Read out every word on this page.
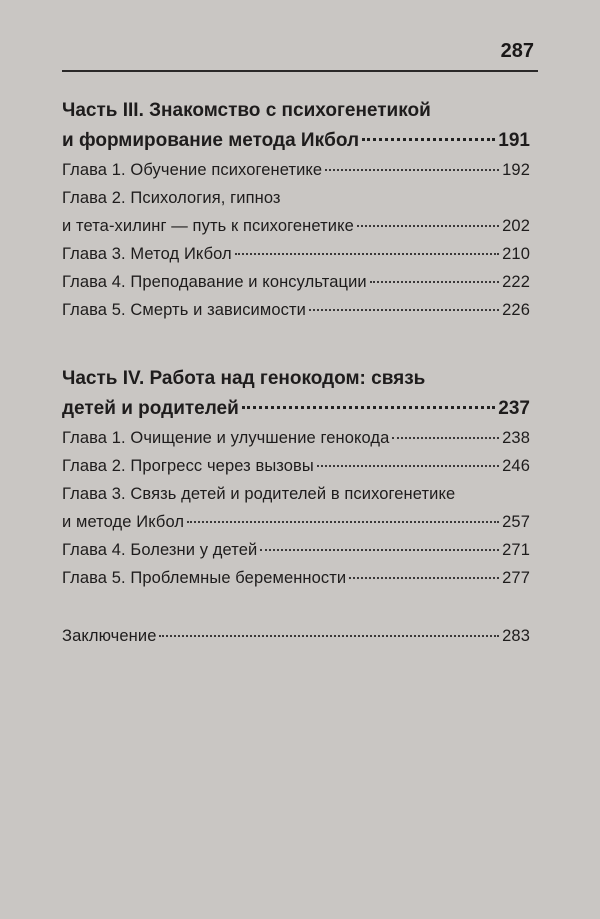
287
Часть III. Знакомство с психогенетикой
и формирование метода Икбол	191
Глава 1. Обучение психогенетике	192
Глава 2. Психология, гипноз
и тета-хилинг — путь к психогенетике	202
Глава 3. Метод Икбол	210
Глава 4. Преподавание и консультации	222
Глава 5. Смерть и зависимости	226
Часть IV. Работа над генокодом: связь
детей и родителей	237
Глава 1. Очищение и улучшение генокода	238
Глава 2. Прогресс через вызовы	246
Глава 3. Связь детей и родителей в психогенетике
и методе Икбол	257
Глава 4. Болезни у детей	271
Глава 5. Проблемные беременности	277
Заключение	283
